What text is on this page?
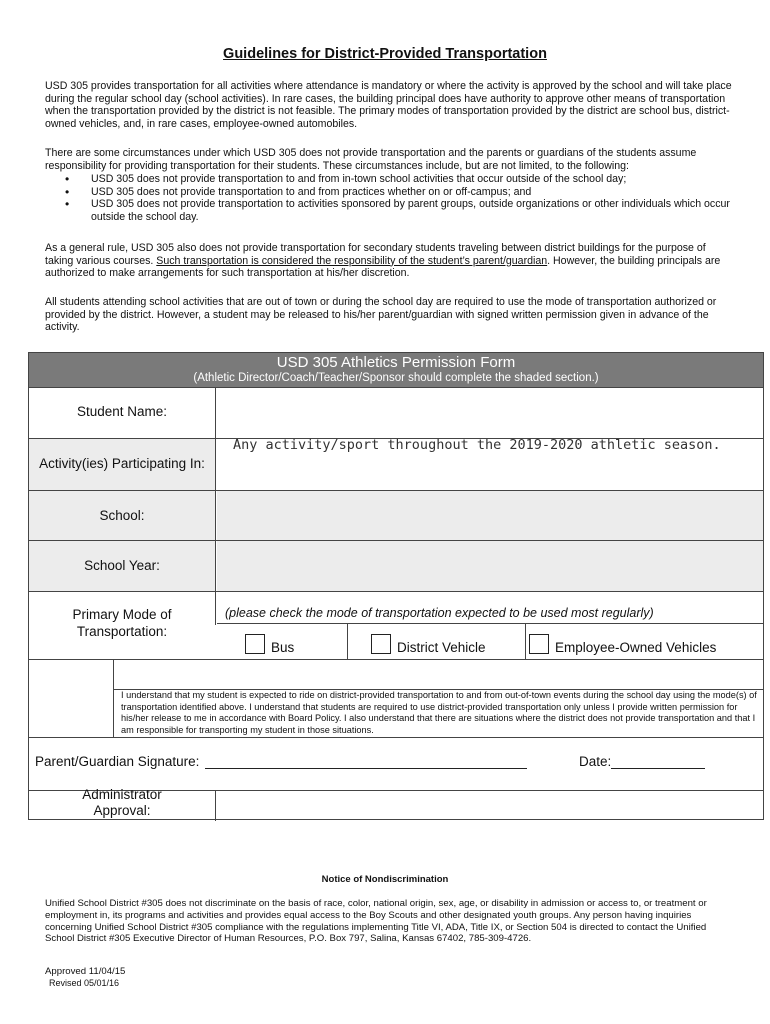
Guidelines for District-Provided Transportation
USD 305 provides transportation for all activities where attendance is mandatory or where the activity is approved by the school and will take place during the regular school day (school activities). In rare cases, the building principal does have authority to approve other means of transportation when the transportation provided by the district is not feasible. The primary modes of transportation provided by the district are school bus, district-owned vehicles, and, in rare cases, employee-owned automobiles.
There are some circumstances under which USD 305 does not provide transportation and the parents or guardians of the students assume responsibility for providing transportation for their students. These circumstances include, but are not limited, to the following:
• USD 305 does not provide transportation to and from in-town school activities that occur outside of the school day;
• USD 305 does not provide transportation to and from practices whether on or off-campus; and
• USD 305 does not provide transportation to activities sponsored by parent groups, outside organizations or other individuals which occur outside the school day.
As a general rule, USD 305 also does not provide transportation for secondary students traveling between district buildings for the purpose of taking various courses. Such transportation is considered the responsibility of the student’s parent/guardian. However, the building principals are authorized to make arrangements for such transportation at his/her discretion.
All students attending school activities that are out of town or during the school day are required to use the mode of transportation authorized or provided by the district. However, a student may be released to his/her parent/guardian with signed written permission given in advance of the activity.
USD 305 Athletics Permission Form
(Athletic Director/Coach/Teacher/Sponsor should complete the shaded section.)
Student Name:
Activity(ies) Participating In:
Any activity/sport throughout the 2019-2020 athletic season.
School:
School Year:
Primary Mode of Transportation:
(please check the mode of transportation expected to be used most regularly)
Bus	District Vehicle	Employee-Owned Vehicles
I understand that my student is expected to ride on district-provided transportation to and from out-of-town events during the school day using the mode(s) of transportation identified above. I understand that students are required to use district-provided transportation only unless I provide written permission for his/her release to me in accordance with Board Policy. I also understand that there are situations where the district does not provide transportation and that I am responsible for transporting my student in those situations.
Parent/Guardian Signature:	Date:
Administrator Approval:
Notice of Nondiscrimination
Unified School District #305 does not discriminate on the basis of race, color, national origin, sex, age, or disability in admission or access to, or treatment or employment in, its programs and activities and provides equal access to the Boy Scouts and other designated youth groups. Any person having inquiries concerning Unified School District #305 compliance with the regulations implementing Title VI, ADA, Title IX, or Section 504 is directed to contact the Unified School District #305 Executive Director of Human Resources, P.O. Box 797, Salina, Kansas 67402, 785-309-4726.
Approved 11/04/15
Revised 05/01/16
